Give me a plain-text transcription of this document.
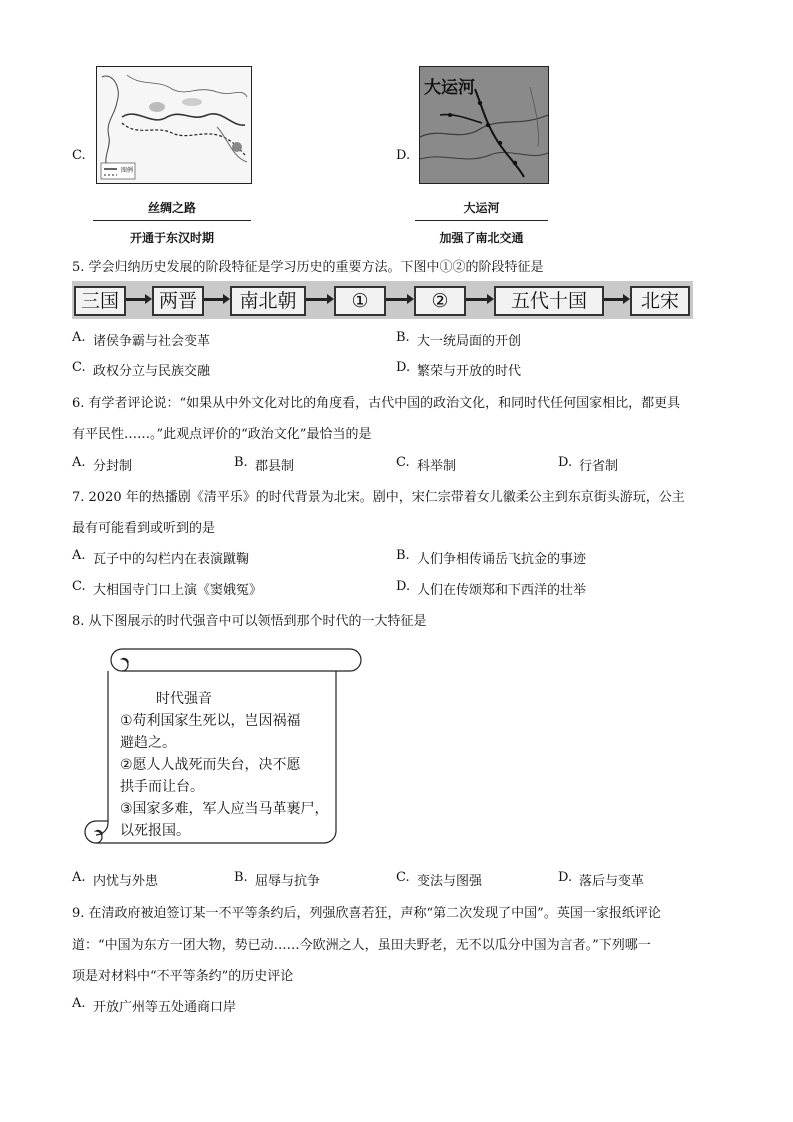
C.
图例
丝绸之路
开通于东汉时期
D.
大运河
大运河
加强了南北交通
5. 学会归纳历史发展的阶段特征是学习历史的重要方法。下图中①②的阶段特征是
三国	两晋	南北朝	①	②	五代十国	北宋
A. 诸侯争霸与社会变革	B. 大一统局面的开创
C. 政权分立与民族交融	D. 繁荣与开放的时代
6. 有学者评论说：“如果从中外文化对比的角度看，古代中国的政治文化，和同时代任何国家相比，都更具
有平民性……。”此观点评价的“政治文化”最恰当的是
A. 分封制	B. 郡县制	C. 科举制	D. 行省制
7. 2020 年的热播剧《清平乐》的时代背景为北宋。剧中，宋仁宗带着女儿徽柔公主到东京街头游玩，公主
最有可能看到或听到的是
A. 瓦子中的勾栏内在表演蹴鞠	B. 人们争相传诵岳飞抗金的事迹
C. 大相国寺门口上演《窦娥冤》	D. 人们在传颂郑和下西洋的壮举
8. 从下图展示的时代强音中可以领悟到那个时代的一大特征是
时代强音
①苟利国家生死以，岂因祸福
避趋之。
②愿人人战死而失台，决不愿
拱手而让台。
③国家多难，军人应当马革裹尸，
以死报国。
A. 内忧与外患	B. 屈辱与抗争	C. 变法与图强	D. 落后与变革
9. 在清政府被迫签订某一不平等条约后，列强欣喜若狂，声称“第二次发现了中国”。英国一家报纸评论
道：“中国为东方一团大物，势已动……今欧洲之人，虽田夫野老，无不以瓜分中国为言者。”下列哪一
项是对材料中“不平等条约”的历史评论
A. 开放广州等五处通商口岸
